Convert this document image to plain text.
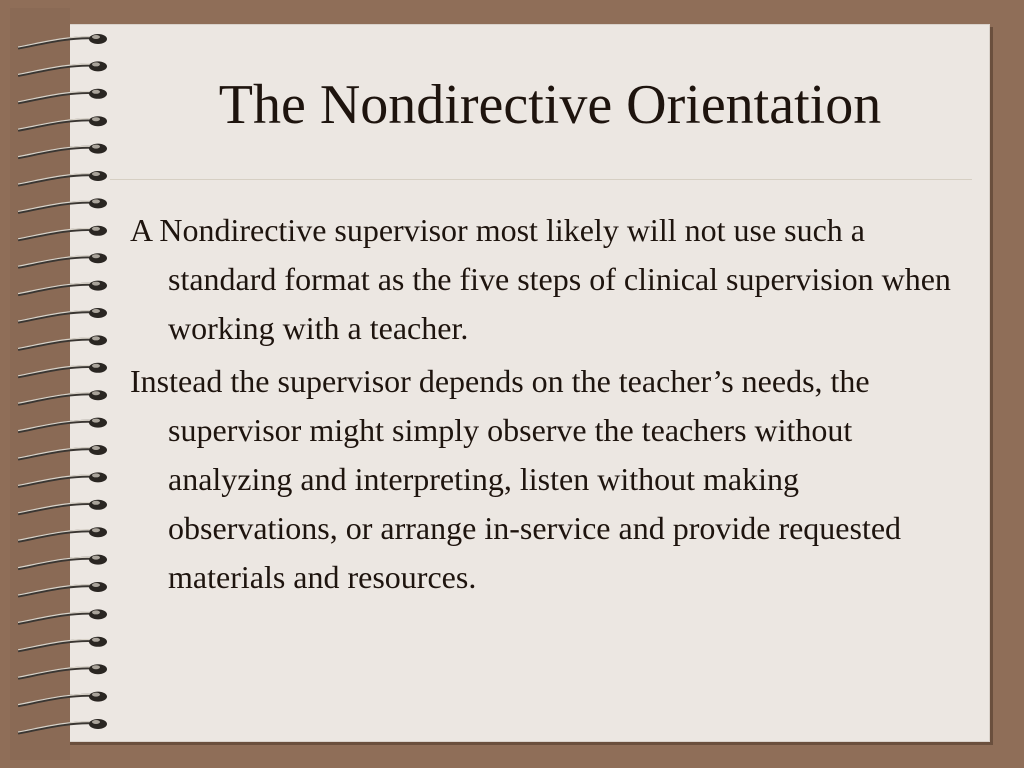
The Nondirective Orientation

A Nondirective supervisor most likely will not use such a standard format as the five steps of clinical supervision when working with a teacher.

Instead the supervisor depends on the teacher’s needs, the supervisor might simply observe the teachers without analyzing and interpreting, listen without making observations, or arrange in-service and provide requested materials and resources.
